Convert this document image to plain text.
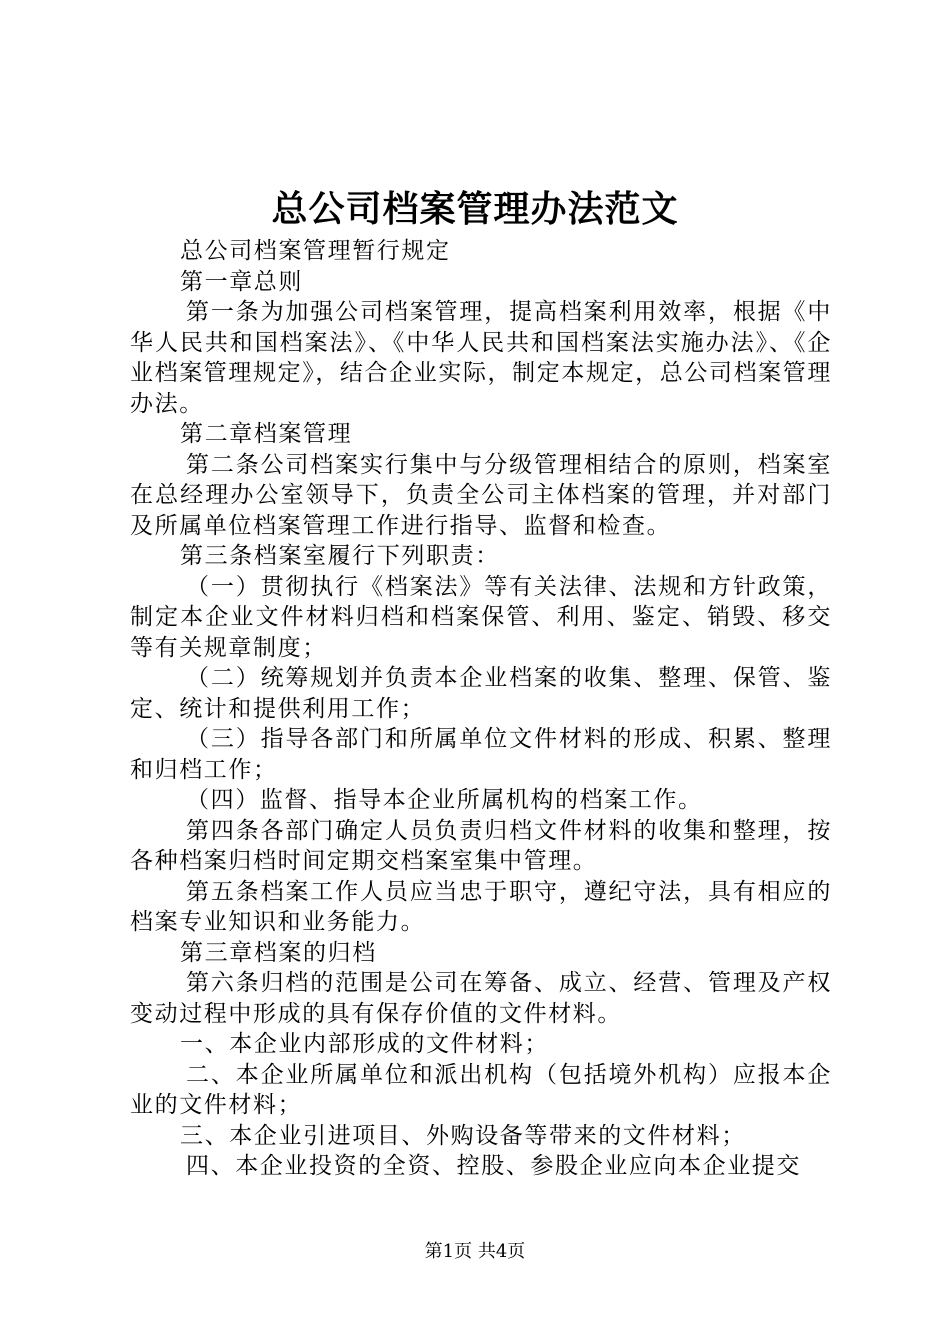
总公司档案管理办法范文

总公司档案管理暂行规定

第一章总则

第一条为加强公司档案管理，提高档案利用效率，根据《中华人民共和国档案法》、《中华人民共和国档案法实施办法》、《企业档案管理规定》，结合企业实际，制定本规定，总公司档案管理办法。

第二章档案管理

第二条公司档案实行集中与分级管理相结合的原则，档案室在总经理办公室领导下，负责全公司主体档案的管理，并对部门及所属单位档案管理工作进行指导、监督和检查。

第三条档案室履行下列职责：

（一）贯彻执行《档案法》等有关法律、法规和方针政策，制定本企业文件材料归档和档案保管、利用、鉴定、销毁、移交等有关规章制度；

（二）统筹规划并负责本企业档案的收集、整理、保管、鉴定、统计和提供利用工作；

（三）指导各部门和所属单位文件材料的形成、积累、整理和归档工作；

（四）监督、指导本企业所属机构的档案工作。

第四条各部门确定人员负责归档文件材料的收集和整理，按各种档案归档时间定期交档案室集中管理。

第五条档案工作人员应当忠于职守，遵纪守法，具有相应的档案专业知识和业务能力。

第三章档案的归档

第六条归档的范围是公司在筹备、成立、经营、管理及产权变动过程中形成的具有保存价值的文件材料。

一、本企业内部形成的文件材料；

二、本企业所属单位和派出机构（包括境外机构）应报本企业的文件材料；

三、本企业引进项目、外购设备等带来的文件材料；

四、本企业投资的全资、控股、参股企业应向本企业提交

第1页 共4页
